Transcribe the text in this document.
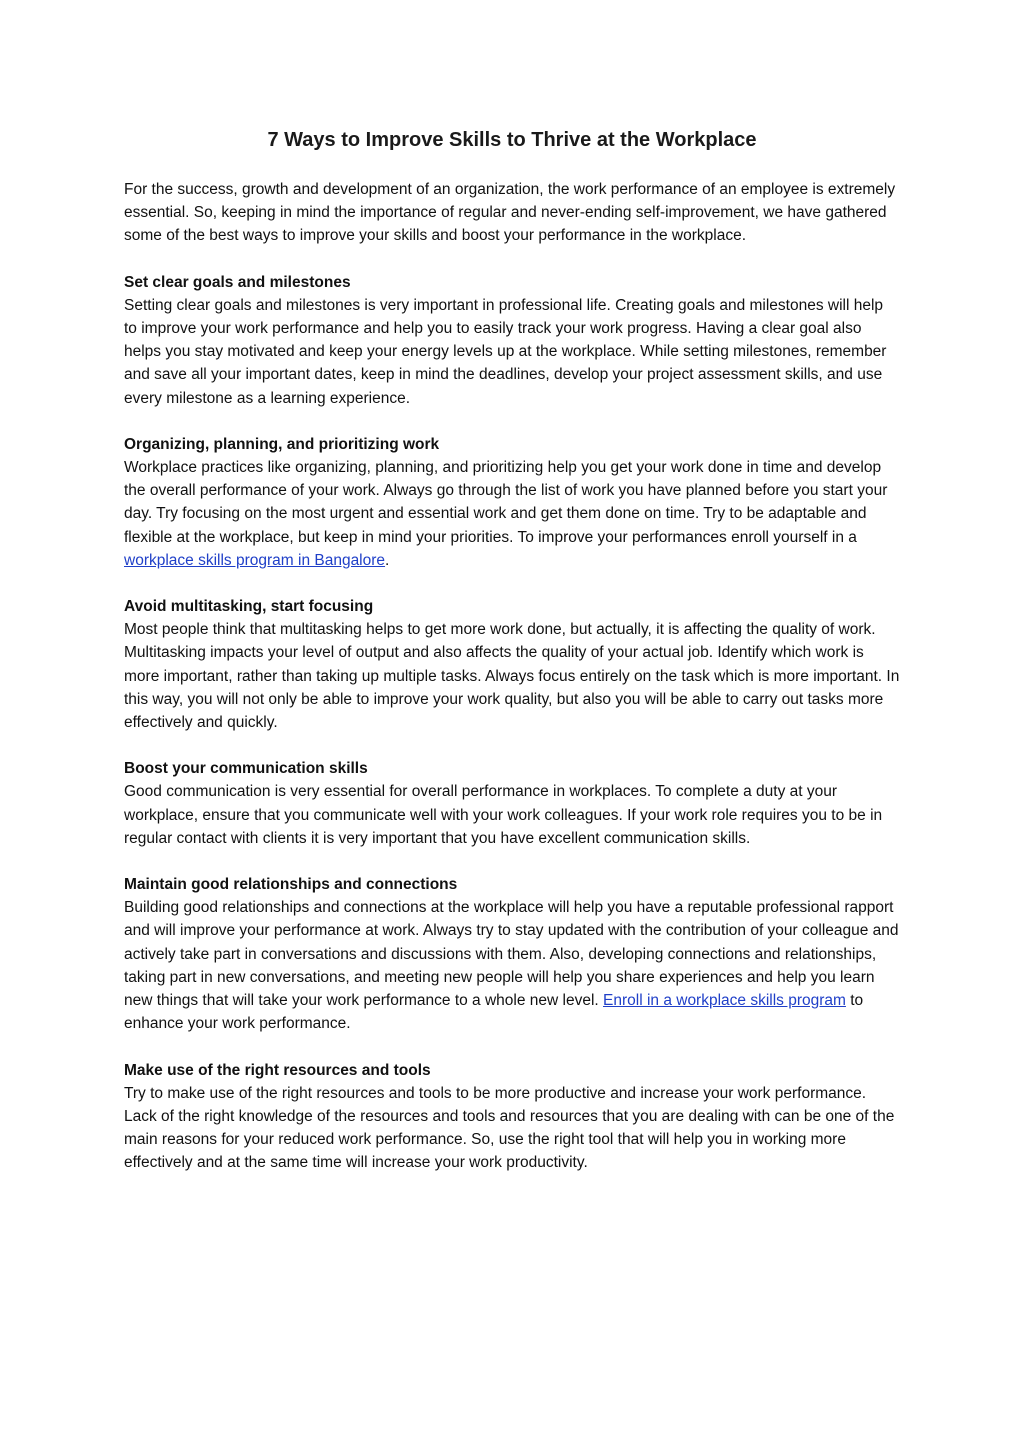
7 Ways to Improve Skills to Thrive at the Workplace

For the success, growth and development of an organization, the work performance of an employee is extremely essential. So, keeping in mind the importance of regular and never-ending self-improvement, we have gathered some of the best ways to improve your skills and boost your performance in the workplace.

Set clear goals and milestones

Setting clear goals and milestones is very important in professional life. Creating goals and milestones will help to improve your work performance and help you to easily track your work progress. Having a clear goal also helps you stay motivated and keep your energy levels up at the workplace. While setting milestones, remember and save all your important dates, keep in mind the deadlines, develop your project assessment skills, and use every milestone as a learning experience.

Organizing, planning, and prioritizing work

Workplace practices like organizing, planning, and prioritizing help you get your work done in time and develop the overall performance of your work. Always go through the list of work you have planned before you start your day. Try focusing on the most urgent and essential work and get them done on time. Try to be adaptable and flexible at the workplace, but keep in mind your priorities. To improve your performances enroll yourself in a workplace skills program in Bangalore.

Avoid multitasking, start focusing

Most people think that multitasking helps to get more work done, but actually, it is affecting the quality of work. Multitasking impacts your level of output and also affects the quality of your actual job. Identify which work is more important, rather than taking up multiple tasks. Always focus entirely on the task which is more important. In this way, you will not only be able to improve your work quality, but also you will be able to carry out tasks more effectively and quickly.

Boost your communication skills

Good communication is very essential for overall performance in workplaces. To complete a duty at your workplace, ensure that you communicate well with your work colleagues. If your work role requires you to be in regular contact with clients it is very important that you have excellent communication skills.

Maintain good relationships and connections

Building good relationships and connections at the workplace will help you have a reputable professional rapport and will improve your performance at work. Always try to stay updated with the contribution of your colleague and actively take part in conversations and discussions with them. Also, developing connections and relationships, taking part in new conversations, and meeting new people will help you share experiences and help you learn new things that will take your work performance to a whole new level. Enroll in a workplace skills program to enhance your work performance.

Make use of the right resources and tools

Try to make use of the right resources and tools to be more productive and increase your work performance. Lack of the right knowledge of the resources and tools and resources that you are dealing with can be one of the main reasons for your reduced work performance. So, use the right tool that will help you in working more effectively and at the same time will increase your work productivity.
